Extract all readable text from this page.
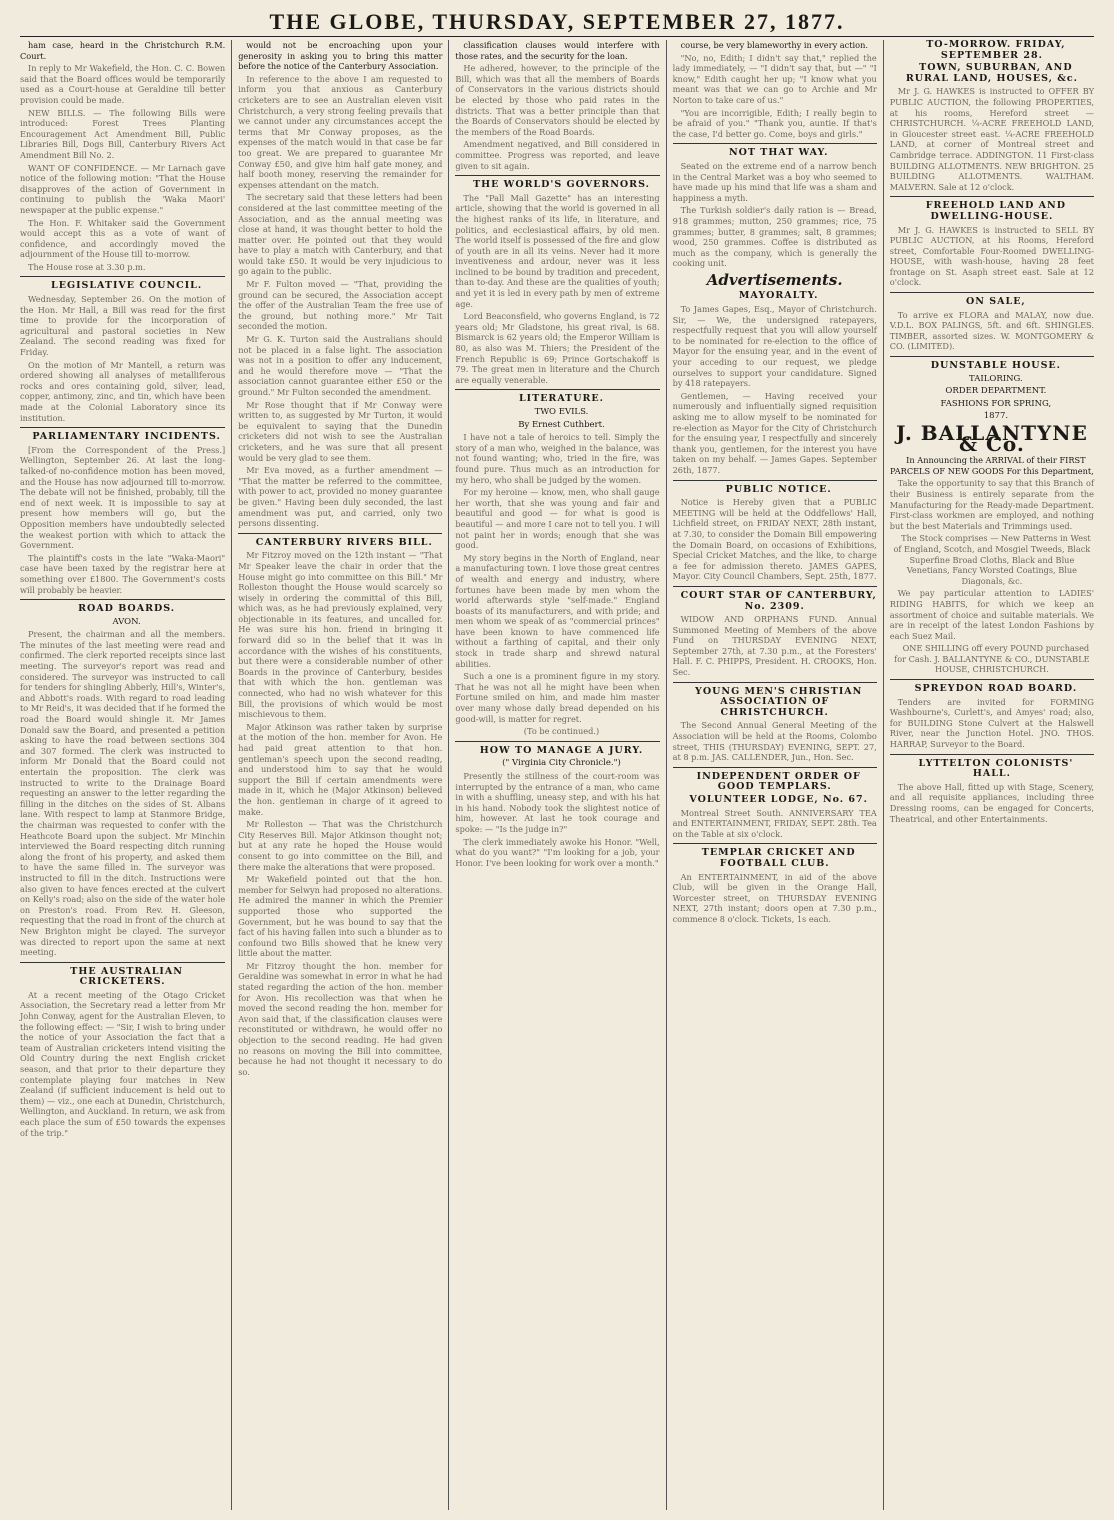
THE GLOBE, THURSDAY, SEPTEMBER 27, 1877.

ham case, heard in the Christchurch R.M. Court.

In reply to Mr Wakefield, the Hon. C. C. Bowen said that the Board offices would be temporarily used as a Court-house at Geraldine till better provision could be made.

NEW BILLS. — The following Bills were introduced: Forest Trees Planting Encouragement Act Amendment Bill, Public Libraries Bill, Dogs Bill, Canterbury Rivers Act Amendment Bill No. 2.

WANT OF CONFIDENCE. — Mr Larnach gave notice of the following motion: "That the House disapproves of the action of Government in continuing to publish the 'Waka Maori' newspaper at the public expense."

The Hon. F. Whitaker said the Government would accept this as a vote of want of confidence, and accordingly moved the adjournment of the House till to-morrow.

The House rose at 3.30 p.m.

LEGISLATIVE COUNCIL.

Wednesday, September 26. On the motion of the Hon. Mr Hall, a Bill was read for the first time to provide for the incorporation of agricultural and pastoral societies in New Zealand. The second reading was fixed for Friday.

On the motion of Mr Mantell, a return was ordered showing all analyses of metalliferous rocks and ores containing gold, silver, lead, copper, antimony, zinc, and tin, which have been made at the Colonial Laboratory since its institution.

PARLIAMENTARY INCIDENTS.

[From the Correspondent of the Press.] Wellington, September 26. At last the long-talked-of no-confidence motion has been moved, and the House has now adjourned till to-morrow. The debate will not be finished, probably, till the end of next week. It is impossible to say at present how members will go, but the Opposition members have undoubtedly selected the weakest portion with which to attack the Government.

The plaintiff's costs in the late "Waka-Maori" case have been taxed by the registrar here at something over £1800. The Government's costs will probably be heavier.

ROAD BOARDS.

AVON.

Present, the chairman and all the members. The minutes of the last meeting were read and confirmed. The clerk reported receipts since last meeting. The surveyor's report was read and considered. The surveyor was instructed to call for tenders for shingling Abberly, Hill's, Winter's, and Abbott's roads. With regard to road leading to Mr Reid's, it was decided that if he formed the road the Board would shingle it. Mr James Donald saw the Board, and presented a petition asking to have the road between sections 304 and 307 formed. The clerk was instructed to inform Mr Donald that the Board could not entertain the proposition. The clerk was instructed to write to the Drainage Board requesting an answer to the letter regarding the filling in the ditches on the sides of St. Albans lane. With respect to lamp at Stanmore Bridge, the chairman was requested to confer with the Heathcote Board upon the subject. Mr Minchin interviewed the Board respecting ditch running along the front of his property, and asked them to have the same filled in. The surveyor was instructed to fill in the ditch. Instructions were also given to have fences erected at the culvert on Kelly's road; also on the side of the water hole on Preston's road. From Rev. H. Gleeson, requesting that the road in front of the church at New Brighton might be clayed. The surveyor was directed to report upon the same at next meeting.

THE AUSTRALIAN CRICKETERS.

At a recent meeting of the Otago Cricket Association, the Secretary read a letter from Mr John Conway, agent for the Australian Eleven, to the following effect: — "Sir, I wish to bring under the notice of your Association the fact that a team of Australian cricketers intend visiting the Old Country during the next English cricket season, and that prior to their departure they contemplate playing four matches in New Zealand (if sufficient inducement is held out to them) — viz., one each at Dunedin, Christchurch, Wellington, and Auckland. In return, we ask from each place the sum of £50 towards the expenses of the trip."

would not be encroaching upon your generosity in asking you to bring this matter before the notice of the Canterbury Association.

In reference to the above I am requested to inform you that anxious as Canterbury cricketers are to see an Australian eleven visit Christchurch, a very strong feeling prevails that we cannot under any circumstances accept the terms that Mr Conway proposes, as the expenses of the match would in that case be far too great. We are prepared to guarantee Mr Conway £50, and give him half gate money, and half booth money, reserving the remainder for expenses attendant on the match.

The secretary said that these letters had been considered at the last committee meeting of the Association, and as the annual meeting was close at hand, it was thought better to hold the matter over. He pointed out that they would have to play a match with Canterbury, and that would take £50. It would be very injudicious to go again to the public.

Mr F. Fulton moved — "That, providing the ground can be secured, the Association accept the offer of the Australian Team the free use of the ground, but nothing more." Mr Tait seconded the motion.

Mr G. K. Turton said the Australians should not be placed in a false light. The association was not in a position to offer any inducement, and he would therefore move — "That the association cannot guarantee either £50 or the ground." Mr Fulton seconded the amendment.

Mr Rose thought that if Mr Conway were written to, as suggested by Mr Turton, it would be equivalent to saying that the Dunedin cricketers did not wish to see the Australian cricketers, and he was sure that all present would be very glad to see them.

Mr Eva moved, as a further amendment — "That the matter be referred to the committee, with power to act, provided no money guarantee be given." Having been duly seconded, the last amendment was put, and carried, only two persons dissenting.

CANTERBURY RIVERS BILL.

Mr Fitzroy moved on the 12th instant — "That Mr Speaker leave the chair in order that the House might go into committee on this Bill." Mr Rolleston thought the House would scarcely so wisely in ordering the committal of this Bill, which was, as he had previously explained, very objectionable in its features, and uncalled for. He was sure his hon. friend in bringing it forward did so in the belief that it was in accordance with the wishes of his constituents, but there were a considerable number of other Boards in the province of Canterbury, besides that with which the hon. gentleman was connected, who had no wish whatever for this Bill, the provisions of which would be most mischievous to them.

Major Atkinson was rather taken by surprise at the motion of the hon. member for Avon. He had paid great attention to that hon. gentleman's speech upon the second reading, and understood him to say that he would support the Bill if certain amendments were made in it, which he (Major Atkinson) believed the hon. gentleman in charge of it agreed to make.

Mr Rolleston — That was the Christchurch City Reserves Bill. Major Atkinson thought not; but at any rate he hoped the House would consent to go into committee on the Bill, and there make the alterations that were proposed.

Mr Wakefield pointed out that the hon. member for Selwyn had proposed no alterations. He admired the manner in which the Premier supported those who supported the Government, but he was bound to say that the fact of his having fallen into such a blunder as to confound two Bills showed that he knew very little about the matter.

Mr Fitzroy thought the hon. member for Geraldine was somewhat in error in what he had stated regarding the action of the hon. member for Avon. His recollection was that when he moved the second reading the hon. member for Avon said that, if the classification clauses were reconstituted or withdrawn, he would offer no objection to the second reading. He had given no reasons on moving the Bill into committee, because he had not thought it necessary to do so.

classification clauses would interfere with those rates, and the security for the loan.

He adhered, however, to the principle of the Bill, which was that all the members of Boards of Conservators in the various districts should be elected by those who paid rates in the districts. That was a better principle than that the Boards of Conservators should be elected by the members of the Road Boards.

Amendment negatived, and Bill considered in committee. Progress was reported, and leave given to sit again.

THE WORLD'S GOVERNORS.

The "Pall Mall Gazette" has an interesting article, showing that the world is governed in all the highest ranks of its life, in literature, and politics, and ecclesiastical affairs, by old men. The world itself is possessed of the fire and glow of youth are in all its veins. Never had it more inventiveness and ardour, never was it less inclined to be bound by tradition and precedent, than to-day. And these are the qualities of youth; and yet it is led in every path by men of extreme age.

Lord Beaconsfield, who governs England, is 72 years old; Mr Gladstone, his great rival, is 68. Bismarck is 62 years old; the Emperor William is 80, as also was M. Thiers; the President of the French Republic is 69; Prince Gortschakoff is 79. The great men in literature and the Church are equally venerable.

LITERATURE.

TWO EVILS.

By Ernest Cuthbert.

I have not a tale of heroics to tell. Simply the story of a man who, weighed in the balance, was not found wanting; who, tried in the fire, was found pure. Thus much as an introduction for my hero, who shall be judged by the women.

For my heroine — know, men, who shall gauge her worth, that she was young and fair and beautiful and good — for what is good is beautiful — and more I care not to tell you. I will not paint her in words; enough that she was good.

My story begins in the North of England, near a manufacturing town. I love those great centres of wealth and energy and industry, where fortunes have been made by men whom the world afterwards style "self-made." England boasts of its manufacturers, and with pride; and men whom we speak of as "commercial princes" have been known to have commenced life without a farthing of capital, and their only stock in trade sharp and shrewd natural abilities.

Such a one is a prominent figure in my story. That he was not all he might have been when Fortune smiled on him, and made him master over many whose daily bread depended on his good-will, is matter for regret.

(To be continued.)

HOW TO MANAGE A JURY.

(" Virginia City Chronicle.")

Presently the stillness of the court-room was interrupted by the entrance of a man, who came in with a shuffling, uneasy step, and with his hat in his hand. Nobody took the slightest notice of him, however. At last he took courage and spoke: — "Is the judge in?"

The clerk immediately awoke his Honor. "Well, what do you want?" "I'm looking for a job, your Honor. I've been looking for work over a month."

course, be very blameworthy in every action.

"No, no, Edith; I didn't say that," replied the lady immediately, — "I didn't say that, but —" "I know," Edith caught her up; "I know what you meant was that we can go to Archie and Mr Norton to take care of us."

"You are incorrigible, Edith; I really begin to be afraid of you." "Thank you, auntie. If that's the case, I'd better go. Come, boys and girls."

NOT THAT WAY.

Seated on the extreme end of a narrow bench in the Central Market was a boy who seemed to have made up his mind that life was a sham and happiness a myth.

The Turkish soldier's daily ration is — Bread, 918 grammes; mutton, 250 grammes; rice, 75 grammes; butter, 8 grammes; salt, 8 grammes; wood, 250 grammes. Coffee is distributed as much as the company, which is generally the cooking unit.

Advertisements.

MAYORALTY.

To James Gapes, Esq., Mayor of Christchurch. Sir, — We, the undersigned ratepayers, respectfully request that you will allow yourself to be nominated for re-election to the office of Mayor for the ensuing year, and in the event of your acceding to our request, we pledge ourselves to support your candidature. Signed by 418 ratepayers.

Gentlemen, — Having received your numerously and influentially signed requisition asking me to allow myself to be nominated for re-election as Mayor for the City of Christchurch for the ensuing year, I respectfully and sincerely thank you, gentlemen, for the interest you have taken on my behalf. — James Gapes. September 26th, 1877.

PUBLIC NOTICE.

Notice is Hereby given that a PUBLIC MEETING will be held at the Oddfellows' Hall, Lichfield street, on FRIDAY NEXT, 28th instant, at 7.30, to consider the Domain Bill empowering the Domain Board, on occasions of Exhibitions, Special Cricket Matches, and the like, to charge a fee for admission thereto. JAMES GAPES, Mayor. City Council Chambers, Sept. 25th, 1877.

COURT STAR OF CANTERBURY, No. 2309.

WIDOW AND ORPHANS FUND. Annual Summoned Meeting of Members of the above Fund on THURSDAY EVENING NEXT, September 27th, at 7.30 p.m., at the Foresters' Hall. F. C. PHIPPS, President. H. CROOKS, Hon. Sec.

YOUNG MEN'S CHRISTIAN ASSOCIATION OF CHRISTCHURCH.

The Second Annual General Meeting of the Association will be held at the Rooms, Colombo street, THIS (THURSDAY) EVENING, SEPT. 27, at 8 p.m. JAS. CALLENDER, Jun., Hon. Sec.

INDEPENDENT ORDER OF GOOD TEMPLARS.

VOLUNTEER LODGE, No. 67.

Montreal Street South. ANNIVERSARY TEA and ENTERTAINMENT, FRIDAY, SEPT. 28th. Tea on the Table at six o'clock.

TEMPLAR CRICKET AND FOOTBALL CLUB.

An ENTERTAINMENT, in aid of the above Club, will be given in the Orange Hall, Worcester street, on THURSDAY EVENING NEXT, 27th instant; doors open at 7.30 p.m., commence 8 o'clock. Tickets, 1s each.

TO-MORROW. FRIDAY, SEPTEMBER 28.

TOWN, SUBURBAN, AND RURAL LAND, HOUSES, &c.

Mr J. G. HAWKES is instructed to OFFER BY PUBLIC AUCTION, the following PROPERTIES, at his rooms, Hereford street — CHRISTCHURCH. ¼-ACRE FREEHOLD LAND, in Gloucester street east. ¼-ACRE FREEHOLD LAND, at corner of Montreal street and Cambridge terrace. ADDINGTON. 11 First-class BUILDING ALLOTMENTS. NEW BRIGHTON. 25 BUILDING ALLOTMENTS. WALTHAM. MALVERN. Sale at 12 o'clock.

FREEHOLD LAND AND DWELLING-HOUSE.

Mr J. G. HAWKES is instructed to SELL BY PUBLIC AUCTION, at his Rooms, Hereford street, Comfortable Four-Roomed DWELLING-HOUSE, with wash-house, having 28 feet frontage on St. Asaph street east. Sale at 12 o'clock.

ON SALE,

To arrive ex FLORA and MALAY, now due. V.D.L. BOX PALINGS, 5ft. and 6ft. SHINGLES. TIMBER, assorted sizes. W. MONTGOMERY & CO. (LIMITED).

DUNSTABLE HOUSE.

TAILORING.

ORDER DEPARTMENT.

FASHIONS FOR SPRING,

1877.

J. BALLANTYNE & Co.

In Announcing the ARRIVAL of their FIRST PARCELS OF NEW GOODS For this Department,

Take the opportunity to say that this Branch of their Business is entirely separate from the Manufacturing for the Ready-made Department. First-class workmen are employed, and nothing but the best Materials and Trimmings used.

The Stock comprises — New Patterns in West of England, Scotch, and Mosgiel Tweeds, Black Superfine Broad Cloths, Black and Blue Venetians, Fancy Worsted Coatings, Blue Diagonals, &c.

We pay particular attention to LADIES' RIDING HABITS, for which we keep an assortment of choice and suitable materials. We are in receipt of the latest London Fashions by each Suez Mail.

ONE SHILLING off every POUND purchased for Cash. J. BALLANTYNE & CO., DUNSTABLE HOUSE, CHRISTCHURCH.

SPREYDON ROAD BOARD.

Tenders are invited for FORMING Washbourne's, Curlett's, and Amyes' road; also, for BUILDING Stone Culvert at the Halswell River, near the Junction Hotel. JNO. THOS. HARRAP, Surveyor to the Board.

LYTTELTON COLONISTS' HALL.

The above Hall, fitted up with Stage, Scenery, and all requisite appliances, including three Dressing rooms, can be engaged for Concerts, Theatrical, and other Entertainments.
